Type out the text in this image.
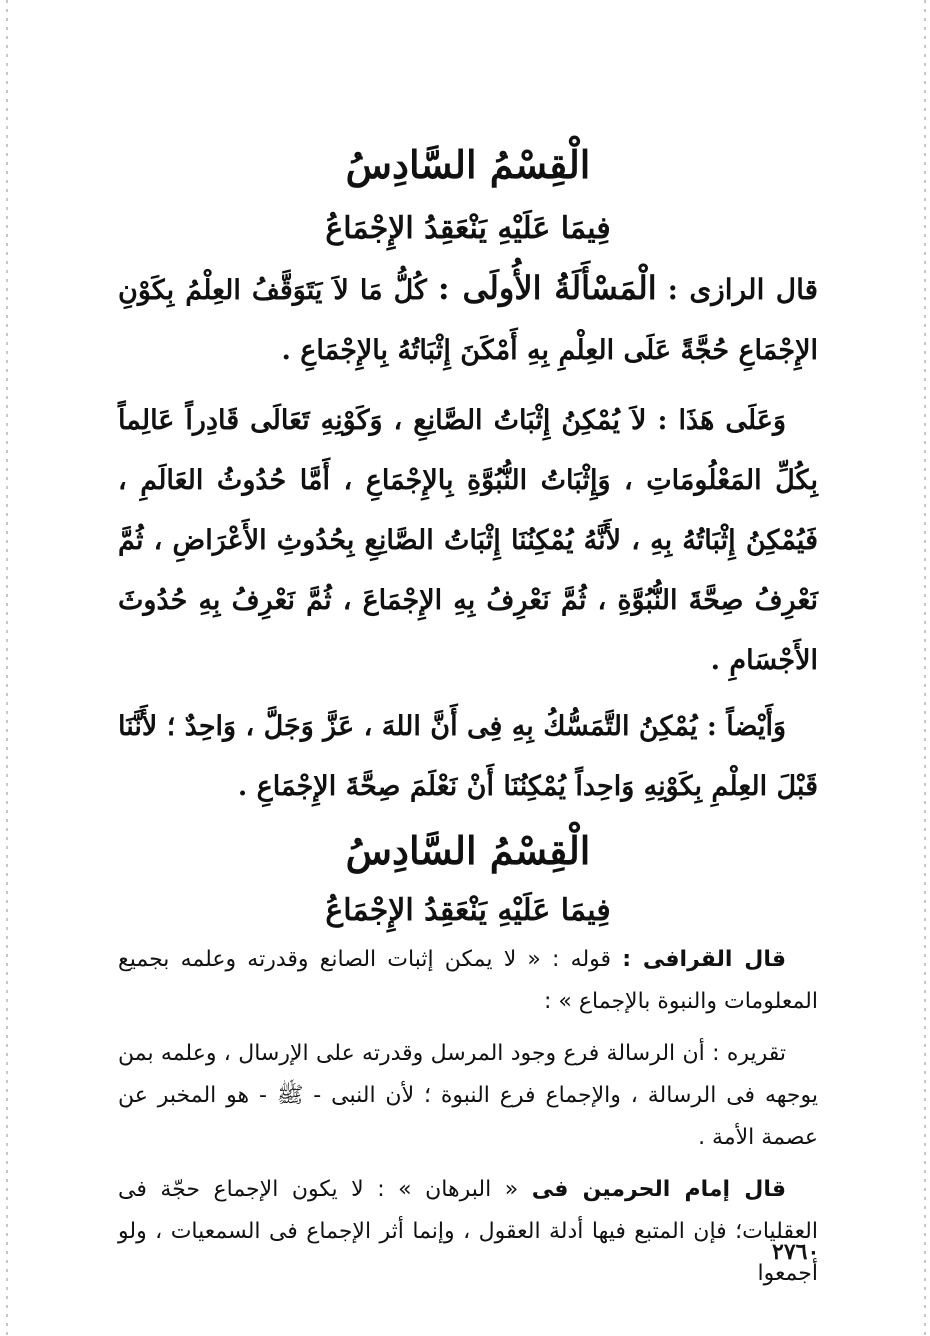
الْقِسْمُ السَّادِسُ
فِيمَا عَلَيْهِ يَنْعَقِدُ الإِجْمَاعُ

قال الرازى : الْمَسْأَلَةُ الأُولَى : كُلُّ مَا لاَ يَتَوَقَّفُ العِلْمُ بِكَوْنِ الإِجْمَاعِ حُجَّةً عَلَى العِلْمِ بِهِ أَمْكَنَ إِثْبَاتُهُ بِالإِجْمَاعِ .

وَعَلَى هَذَا : لاَ يُمْكِنُ إِثْبَاتُ الصَّانِعِ ، وَكَوْنِهِ تَعَالَى قَادِراً عَالِماً بِكُلِّ المَعْلُومَاتِ ، وَإِثْبَاتُ النُّبُوَّةِ بِالإِجْمَاعِ ، أَمَّا حُدُوثُ العَالَمِ ، فَيُمْكِنُ إِثْبَاتُهُ بِهِ ، لأَنَّهُ يُمْكِنُنَا إِثْبَاتُ الصَّانِعِ بِحُدُوثِ الأَعْرَاضِ ، ثُمَّ نَعْرِفُ صِحَّةَ النُّبُوَّةِ ، ثُمَّ نَعْرِفُ بِهِ الإِجْمَاعَ ، ثُمَّ نَعْرِفُ بِهِ حُدُوثَ الأَجْسَامِ .

وَأَيْضاً : يُمْكِنُ التَّمَسُّكُ بِهِ فِى أَنَّ اللهَ ، عَزَّ وَجَلَّ ، وَاحِدٌ ؛ لأَنَّنَا قَبْلَ العِلْمِ بِكَوْنِهِ وَاحِداً يُمْكِنُنَا أَنْ نَعْلَمَ صِحَّةَ الإِجْمَاعِ .

الْقِسْمُ السَّادِسُ
فِيمَا عَلَيْهِ يَنْعَقِدُ الإِجْمَاعُ

قال القرافى : قوله : « لا يمكن إثبات الصانع وقدرته وعلمه بجميع المعلومات والنبوة بالإجماع » :

تقريره : أن الرسالة فرع وجود المرسل وقدرته على الإرسال ، وعلمه بمن يوجهه فى الرسالة ، والإجماع فرع النبوة ؛ لأن النبى - ﷺ - هو المخبر عن عصمة الأمة .

قال إمام الحرمين فى « البرهان » : لا يكون الإجماع حجّة فى العقليات؛ فإن المتبع فيها أدلة العقول ، وإنما أثر الإجماع فى السمعيات ، ولو أجمعوا

٢٧٦٠
